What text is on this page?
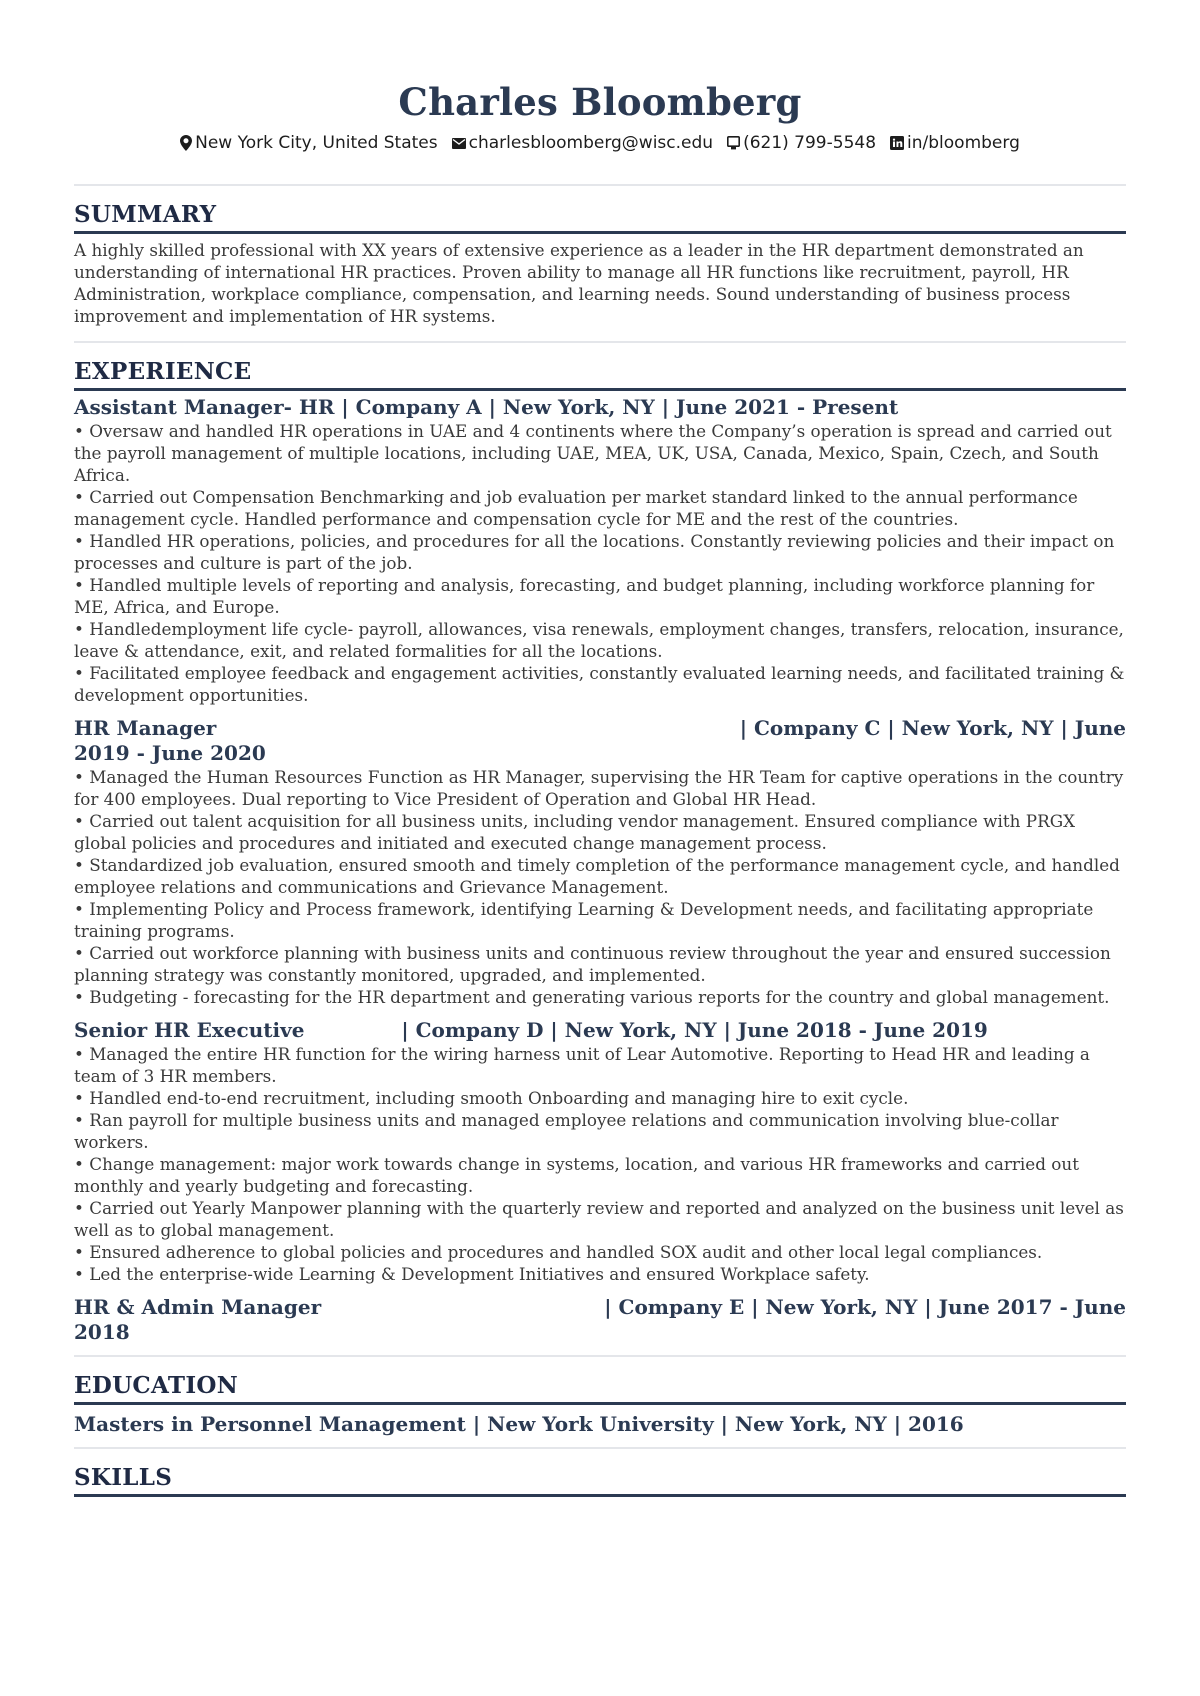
Charles Bloomberg
New York City, United States charlesbloomberg@wisc.edu (621) 799-5548 in/bloomberg
SUMMARY

A highly skilled professional with XX years of extensive experience as a leader in the HR department demonstrated an understanding of international HR practices. Proven ability to manage all HR functions like recruitment, payroll, HR Administration, workplace compliance, compensation, and learning needs. Sound understanding of business process improvement and implementation of HR systems.

EXPERIENCE
Assistant Manager- HR | Company A | New York, NY | June 2021 - Present
• Oversaw and handled HR operations in UAE and 4 continents where the Company’s operation is spread and carried out the payroll management of multiple locations, including UAE, MEA, UK, USA, Canada, Mexico, Spain, Czech, and South Africa.
• Carried out Compensation Benchmarking and job evaluation per market standard linked to the annual performance management cycle. Handled performance and compensation cycle for ME and the rest of the countries.
• Handled HR operations, policies, and procedures for all the locations. Constantly reviewing policies and their impact on processes and culture is part of the job.
• Handled multiple levels of reporting and analysis, forecasting, and budget planning, including workforce planning for ME, Africa, and Europe.
• Handledemployment life cycle- payroll, allowances, visa renewals, employment changes, transfers, relocation, insurance, leave & attendance, exit, and related formalities for all the locations.
• Facilitated employee feedback and engagement activities, constantly evaluated learning needs, and facilitated training & development opportunities.
HR Manager	| Company C | New York, NY | June
2019 - June 2020
• Managed the Human Resources Function as HR Manager, supervising the HR Team for captive operations in the country for 400 employees. Dual reporting to Vice President of Operation and Global HR Head.
• Carried out talent acquisition for all business units, including vendor management. Ensured compliance with PRGX global policies and procedures and initiated and executed change management process.
• Standardized job evaluation, ensured smooth and timely completion of the performance management cycle, and handled employee relations and communications and Grievance Management.
• Implementing Policy and Process framework, identifying Learning & Development needs, and facilitating appropriate training programs.
• Carried out workforce planning with business units and continuous review throughout the year and ensured succession planning strategy was constantly monitored, upgraded, and implemented.
• Budgeting - forecasting for the HR department and generating various reports for the country and global management.
Senior HR Executive	| Company D | New York, NY | June 2018 - June 2019
• Managed the entire HR function for the wiring harness unit of Lear Automotive. Reporting to Head HR and leading a team of 3 HR members.
• Handled end-to-end recruitment, including smooth Onboarding and managing hire to exit cycle.
• Ran payroll for multiple business units and managed employee relations and communication involving blue-collar workers.
• Change management: major work towards change in systems, location, and various HR frameworks and carried out monthly and yearly budgeting and forecasting.
• Carried out Yearly Manpower planning with the quarterly review and reported and analyzed on the business unit level as well as to global management.
• Ensured adherence to global policies and procedures and handled SOX audit and other local legal compliances.
• Led the enterprise-wide Learning & Development Initiatives and ensured Workplace safety.
HR & Admin Manager	| Company E | New York, NY | June 2017 - June
2018
EDUCATION
Masters in Personnel Management | New York University | New York, NY | 2016
SKILLS
